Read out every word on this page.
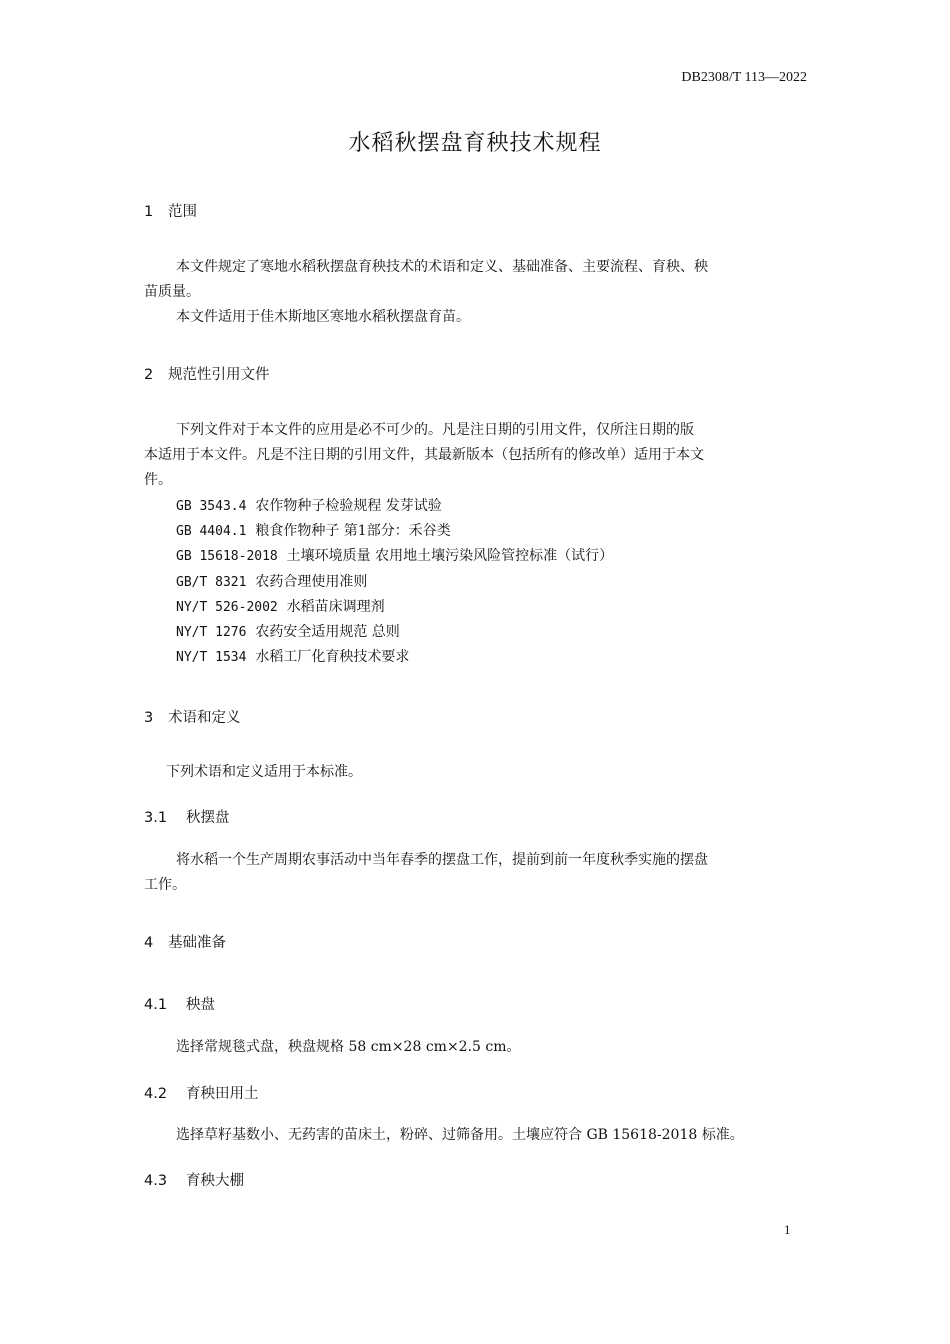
DB2308/T 113—2022
水稻秋摆盘育秧技术规程
1 范围
本文件规定了寒地水稻秋摆盘育秧技术的术语和定义、基础准备、主要流程、育秧、秧
苗质量。
本文件适用于佳木斯地区寒地水稻秋摆盘育苗。
2 规范性引用文件
下列文件对于本文件的应用是必不可少的。凡是注日期的引用文件，仅所注日期的版
本适用于本文件。凡是不注日期的引用文件，其最新版本（包括所有的修改单）适用于本文
件。
GB 3543.4 农作物种子检验规程 发芽试验
GB 4404.1 粮食作物种子 第1部分：禾谷类
GB 15618-2018 土壤环境质量 农用地土壤污染风险管控标准（试行）
GB/T 8321 农药合理使用准则
NY/T 526-2002 水稻苗床调理剂
NY/T 1276 农药安全适用规范 总则
NY/T 1534 水稻工厂化育秧技术要求
3 术语和定义
下列术语和定义适用于本标准。
3.1 秋摆盘
将水稻一个生产周期农事活动中当年春季的摆盘工作，提前到前一年度秋季实施的摆盘
工作。
4 基础准备
4.1 秧盘
选择常规毯式盘，秧盘规格 58 cm×28 cm×2.5 cm。
4.2 育秧田用土
选择草籽基数小、无药害的苗床土，粉碎、过筛备用。土壤应符合 GB 15618-2018 标准。
4.3 育秧大棚
1
